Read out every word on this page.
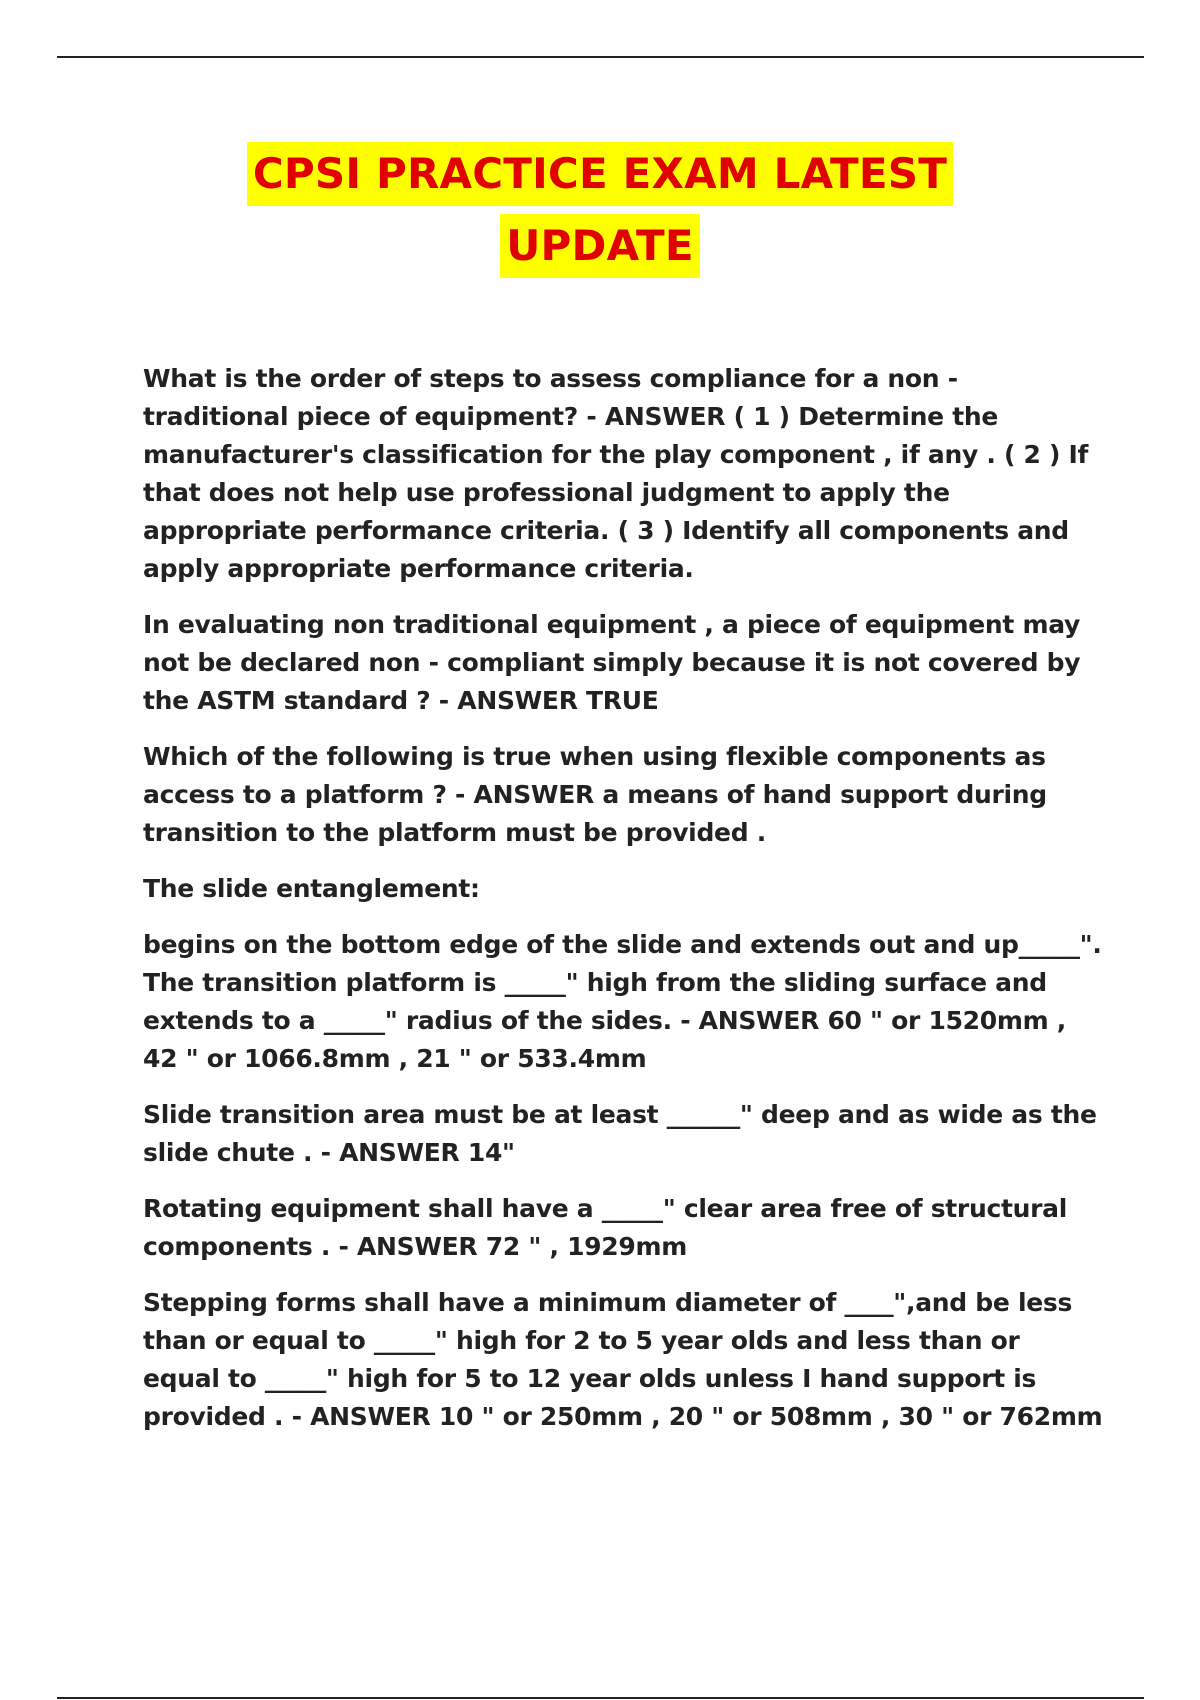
CPSI PRACTICE EXAM LATEST
UPDATE

What is the order of steps to assess compliance for a non - traditional piece of equipment? - ANSWER ( 1 ) Determine the manufacturer's classification for the play component , if any . ( 2 ) If that does not help use professional judgment to apply the appropriate performance criteria. ( 3 ) Identify all components and apply appropriate performance criteria.

In evaluating non traditional equipment , a piece of equipment may not be declared non - compliant simply because it is not covered by the ASTM standard ? - ANSWER TRUE

Which of the following is true when using flexible components as access to a platform ? - ANSWER a means of hand support during transition to the platform must be provided .

The slide entanglement:

begins on the bottom edge of the slide and extends out and up_____". The transition platform is _____" high from the sliding surface and extends to a _____" radius of the sides. - ANSWER 60 " or 1520mm , 42 " or 1066.8mm , 21 " or 533.4mm

Slide transition area must be at least ______" deep and as wide as the slide chute . - ANSWER 14"

Rotating equipment shall have a _____" clear area free of structural components . - ANSWER 72 " , 1929mm

Stepping forms shall have a minimum diameter of ____",and be less than or equal to _____" high for 2 to 5 year olds and less than or equal to _____" high for 5 to 12 year olds unless I hand support is provided . - ANSWER 10 " or 250mm , 20 " or 508mm , 30 " or 762mm
